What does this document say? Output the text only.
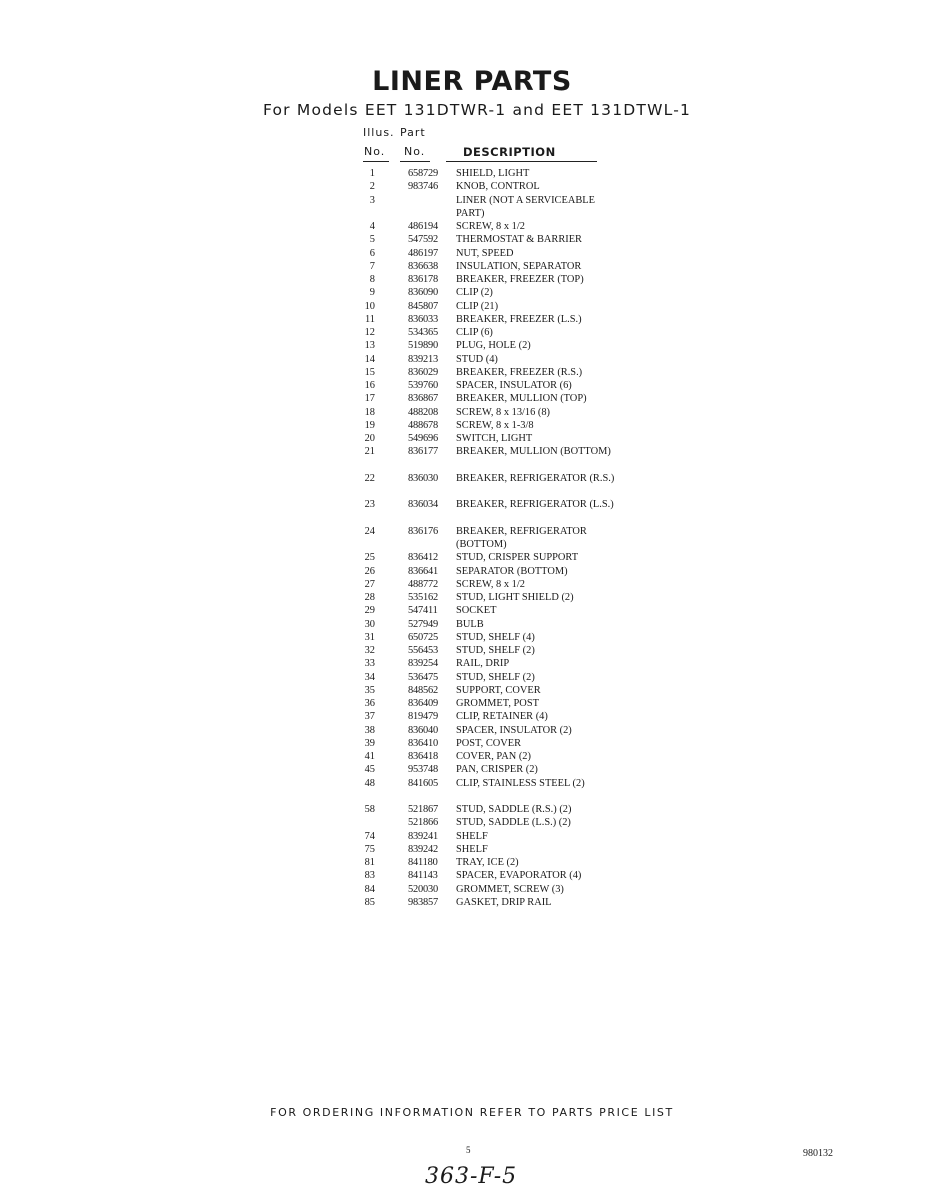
LINER PARTS
For Models EET 131DTWR-1 and EET 131DTWL-1
Illus. Part
No. No.	DESCRIPTION
1	658729 SHIELD, LIGHT
2	983746 KNOB, CONTROL
3	LINER (NOT A SERVICEABLE PART)
4	486194 SCREW, 8 x 1/2
5	547592 THERMOSTAT & BARRIER
6	486197 NUT, SPEED
7	836638 INSULATION, SEPARATOR
8	836178 BREAKER, FREEZER (TOP)
9	836090 CLIP (2)
10	845807 CLIP (21)
11	836033 BREAKER, FREEZER (L.S.)
12	534365 CLIP (6)
13	519890 PLUG, HOLE (2)
14	839213 STUD (4)
15	836029 BREAKER, FREEZER (R.S.)
16	539760 SPACER, INSULATOR (6)
17	836867 BREAKER, MULLION (TOP)
18	488208 SCREW, 8 x 13/16 (8)
19	488678 SCREW, 8 x 1-3/8
20	549696 SWITCH, LIGHT
21	836177 BREAKER, MULLION (BOTTOM)
22	836030 BREAKER, REFRIGERATOR (R.S.)
23	836034 BREAKER, REFRIGERATOR (L.S.)
24	836176 BREAKER, REFRIGERATOR (BOTTOM)
25	836412 STUD, CRISPER SUPPORT
26	836641 SEPARATOR (BOTTOM)
27	488772 SCREW, 8 x 1/2
28	535162 STUD, LIGHT SHIELD (2)
29	547411 SOCKET
30	527949 BULB
31	650725 STUD, SHELF (4)
32	556453 STUD, SHELF (2)
33	839254 RAIL, DRIP
34	536475 STUD, SHELF (2)
35	848562 SUPPORT, COVER
36	836409 GROMMET, POST
37	819479 CLIP, RETAINER (4)
38	836040 SPACER, INSULATOR (2)
39	836410 POST, COVER
41	836418 COVER, PAN (2)
45	953748 PAN, CRISPER (2)
48	841605 CLIP, STAINLESS STEEL (2)
58	521867 STUD, SADDLE (R.S.) (2)
521866 STUD, SADDLE (L.S.) (2)
74	839241 SHELF
75	839242 SHELF
81	841180 TRAY, ICE (2)
83	841143 SPACER, EVAPORATOR (4)
84	520030 GROMMET, SCREW (3)
85	983857 GASKET, DRIP RAIL
FOR ORDERING INFORMATION REFER TO PARTS PRICE LIST
5	980132
363-F-5
